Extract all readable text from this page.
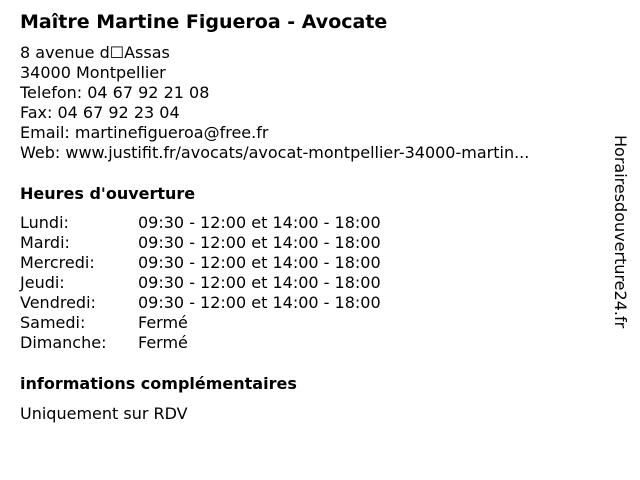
Maître Martine Figueroa - Avocate
8 avenue d☐Assas
34000 Montpellier
Telefon: 04 67 92 21 08
Fax: 04 67 92 23 04
Email: martinefigueroa@free.fr
Web: www.justifit.fr/avocats/avocat-montpellier-34000-martin...
Heures d'ouverture
Lundi:	09:30 - 12:00 et 14:00 - 18:00
Mardi:	09:30 - 12:00 et 14:00 - 18:00
Mercredi:	09:30 - 12:00 et 14:00 - 18:00
Jeudi:	09:30 - 12:00 et 14:00 - 18:00
Vendredi:	09:30 - 12:00 et 14:00 - 18:00
Samedi:	Fermé
Dimanche: Fermé
informations complémentaires
Uniquement sur RDV
Horairesdouverture24.fr
